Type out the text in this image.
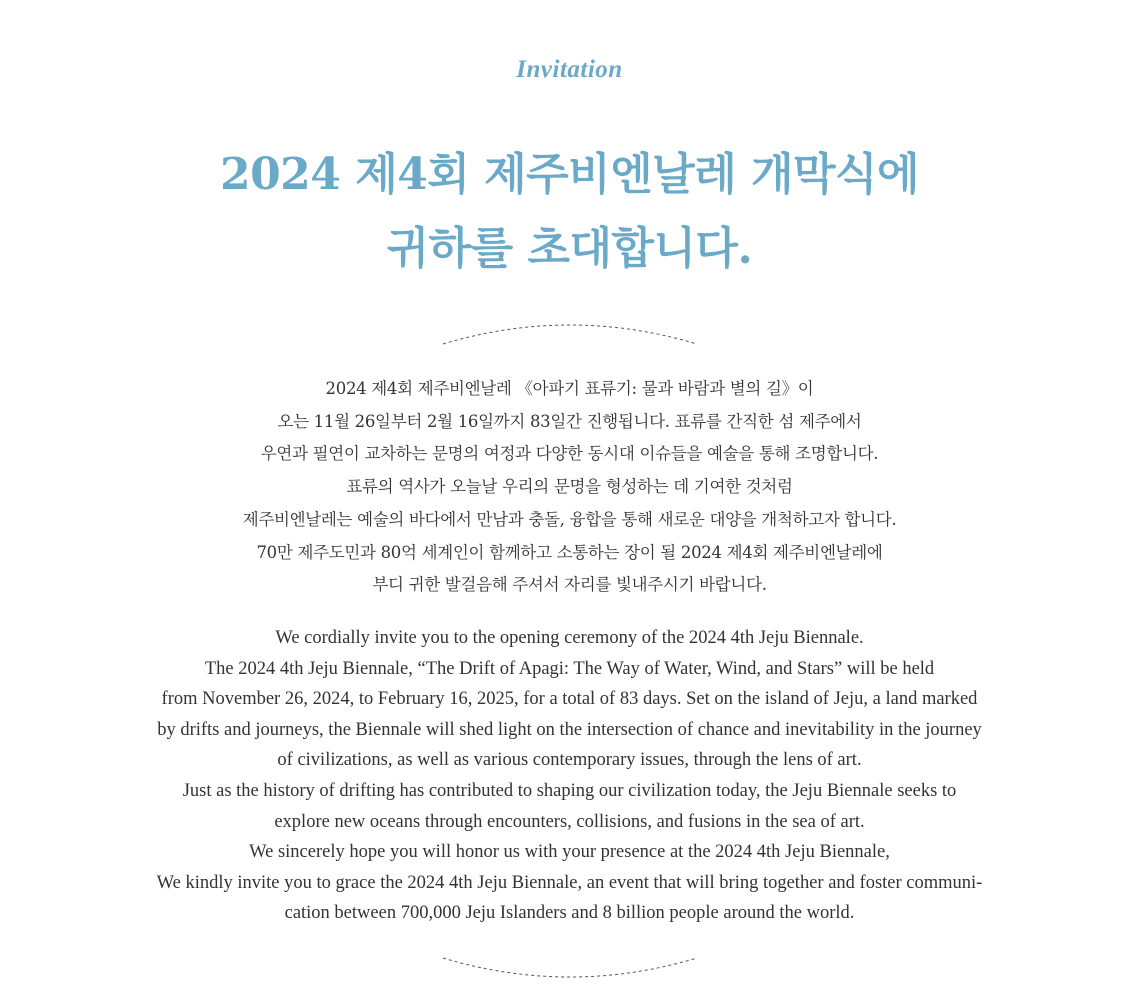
Invitation
2024 제4회 제주비엔날레 개막식에
귀하를 초대합니다.
2024 제4회 제주비엔날레 《아파기 표류기: 물과 바람과 별의 길》이
오는 11월 26일부터 2월 16일까지 83일간 진행됩니다. 표류를 간직한 섬 제주에서
우연과 필연이 교차하는 문명의 여정과 다양한 동시대 이슈들을 예술을 통해 조명합니다.
표류의 역사가 오늘날 우리의 문명을 형성하는 데 기여한 것처럼
제주비엔날레는 예술의 바다에서 만남과 충돌, 융합을 통해 새로운 대양을 개척하고자 합니다.
70만 제주도민과 80억 세계인이 함께하고 소통하는 장이 될 2024 제4회 제주비엔날레에
부디 귀한 발걸음해 주셔서 자리를 빛내주시기 바랍니다.
We cordially invite you to the opening ceremony of the 2024 4th Jeju Biennale.
The 2024 4th Jeju Biennale, “The Drift of Apagi: The Way of Water, Wind, and Stars” will be held
from November 26, 2024, to February 16, 2025, for a total of 83 days. Set on the island of Jeju, a land marked
by drifts and journeys, the Biennale will shed light on the intersection of chance and inevitability in the journey
of civilizations, as well as various contemporary issues, through the lens of art.
Just as the history of drifting has contributed to shaping our civilization today, the Jeju Biennale seeks to
explore new oceans through encounters, collisions, and fusions in the sea of art.
We sincerely hope you will honor us with your presence at the 2024 4th Jeju Biennale,
We kindly invite you to grace the 2024 4th Jeju Biennale, an event that will bring together and foster communi-
cation between 700,000 Jeju Islanders and 8 billion people around the world.
